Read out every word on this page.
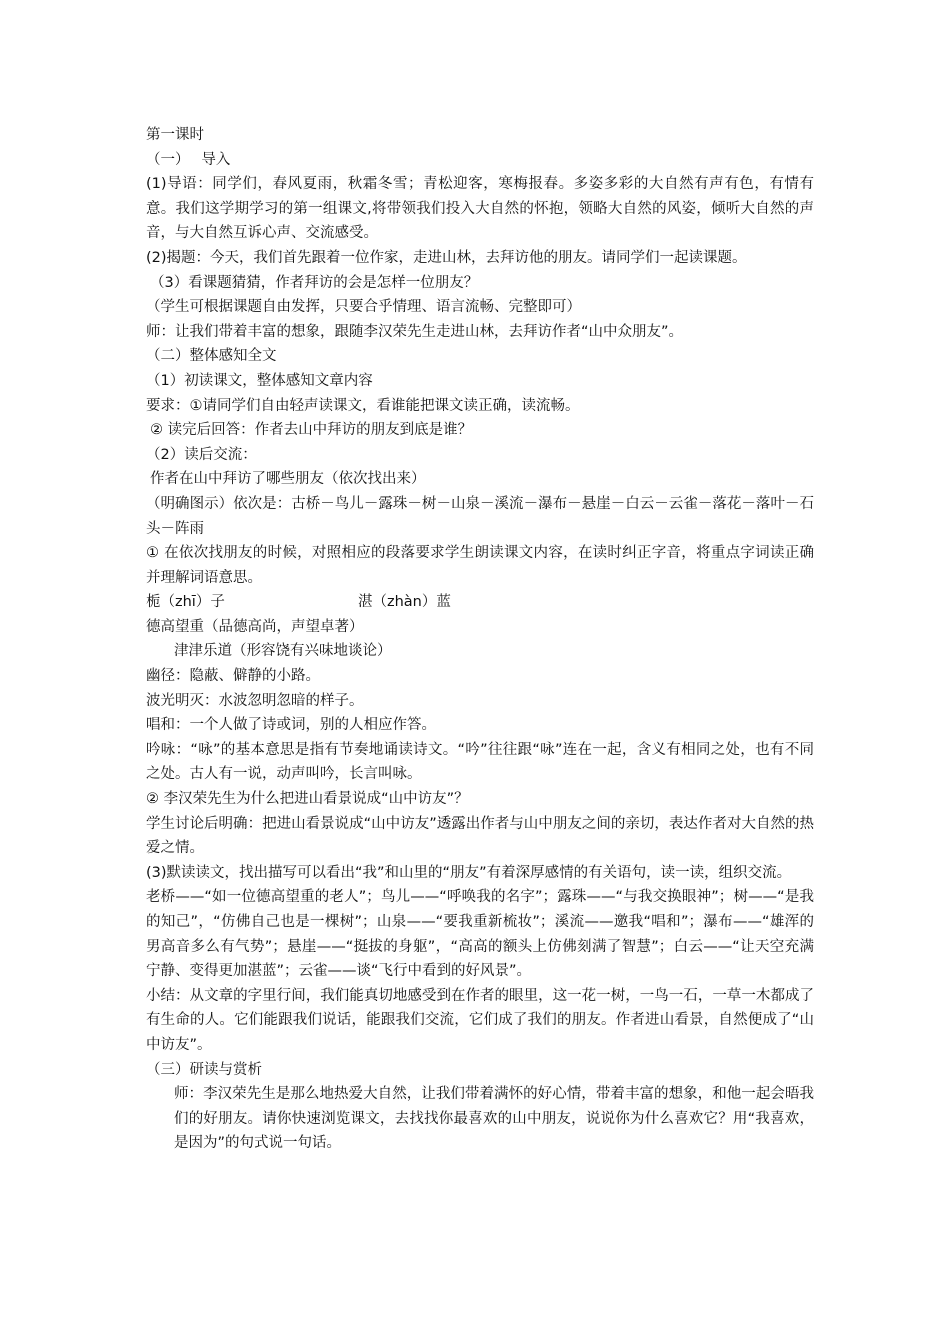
第一课时

（一）　 导入

(1)导语：同学们，春风夏雨，秋霜冬雪；青松迎客，寒梅报春。多姿多彩的大自然有声有色，有情有意。我们这学期学习的第一组课文,将带领我们投入大自然的怀抱，领略大自然的风姿，倾听大自然的声音，与大自然互诉心声、交流感受。

(2)揭题：今天，我们首先跟着一位作家，走进山林，去拜访他的朋友。请同学们一起读课题。

（3）看课题猜猜，作者拜访的会是怎样一位朋友？

（学生可根据课题自由发挥，只要合乎情理、语言流畅、完整即可）

师：让我们带着丰富的想象，跟随李汉荣先生走进山林，去拜访作者“山中众朋友”。

（二）整体感知全文

（1）初读课文，整体感知文章内容

要求：①请同学们自由轻声读课文，看谁能把课文读正确，读流畅。

② 读完后回答：作者去山中拜访的朋友到底是谁？

（2）读后交流：

作者在山中拜访了哪些朋友（依次找出来）

（明确图示）依次是：古桥－鸟儿－露珠－树－山泉－溪流－瀑布－悬崖－白云－云雀－落花－落叶－石头－阵雨

① 在依次找朋友的时候，对照相应的段落要求学生朗读课文内容，在读时纠正字音，将重点字词读正确并理解词语意思。

栀（zhī）子	湛（zhàn）蓝

德高望重（品德高尚，声望卓著）

津津乐道（形容饶有兴味地谈论）

幽径：隐蔽、僻静的小路。

波光明灭：水波忽明忽暗的样子。

唱和：一个人做了诗或词，别的人相应作答。

吟咏：“咏”的基本意思是指有节奏地诵读诗文。“吟”往往跟“咏”连在一起，含义有相同之处，也有不同之处。古人有一说，动声叫吟，长言叫咏。

② 李汉荣先生为什么把进山看景说成“山中访友”？

学生讨论后明确：把进山看景说成“山中访友”透露出作者与山中朋友之间的亲切，表达作者对大自然的热爱之情。

(3)默读读文，找出描写可以看出“我”和山里的“朋友”有着深厚感情的有关语句，读一读，组织交流。

老桥——“如一位德高望重的老人”；鸟儿——“呼唤我的名字”；露珠——“与我交换眼神”；树——“是我的知己”，“仿佛自己也是一棵树”；山泉——“要我重新梳妆”；溪流——邀我“唱和”；瀑布——“雄浑的男高音多么有气势”；悬崖——“挺拔的身躯”，“高高的额头上仿佛刻满了智慧”；白云——“让天空充满宁静、变得更加湛蓝”；云雀——谈“飞行中看到的好风景”。

小结：从文章的字里行间，我们能真切地感受到在作者的眼里，这一花一树，一鸟一石，一草一木都成了有生命的人。它们能跟我们说话，能跟我们交流，它们成了我们的朋友。作者进山看景，自然便成了“山中访友”。

（三）研读与赏析

师：李汉荣先生是那么地热爱大自然，让我们带着满怀的好心情，带着丰富的想象，和他一起会晤我们的好朋友。请你快速浏览课文，去找找你最喜欢的山中朋友，说说你为什么喜欢它？用“我喜欢，是因为”的句式说一句话。
